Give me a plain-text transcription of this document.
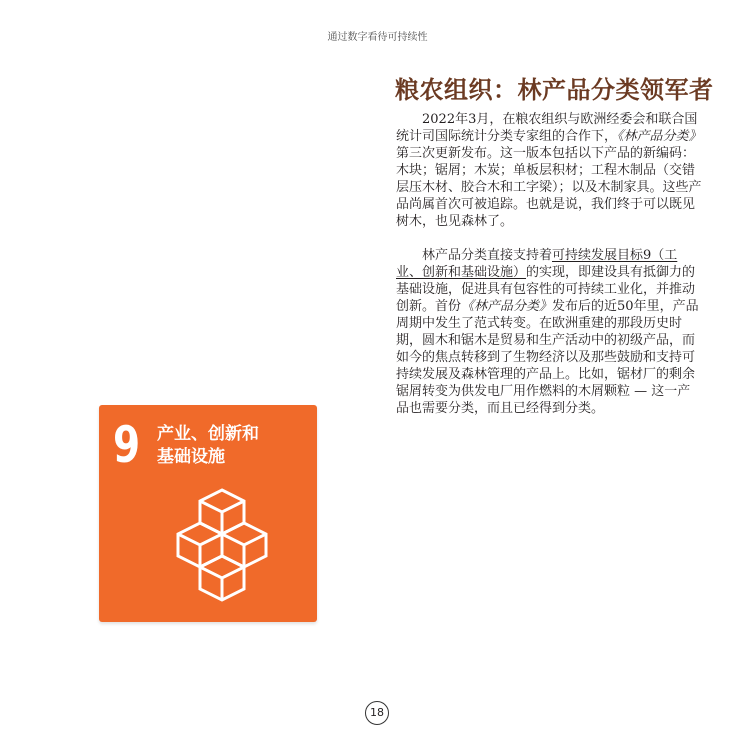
通过数字看待可持续性
粮农组织：林产品分类领军者

2022年3月，在粮农组织与欧洲经委会和联合国统计司国际统计分类专家组的合作下，《林产品分类》第三次更新发布。这一版本包括以下产品的新编码：木块；锯屑；木炭；单板层积材；工程木制品（交错层压木材、胶合木和工字梁）；以及木制家具。这些产品尚属首次可被追踪。也就是说，我们终于可以既见树木，也见森林了。

林产品分类直接支持着可持续发展目标9（工业、创新和基础设施）的实现，即建设具有抵御力的基础设施，促进具有包容性的可持续工业化，并推动创新。首份《林产品分类》发布后的近50年里，产品周期中发生了范式转变。在欧洲重建的那段历史时期，圆木和锯木是贸易和生产活动中的初级产品，而如今的焦点转移到了生物经济以及那些鼓励和支持可持续发展及森林管理的产品上。比如，锯材厂的剩余锯屑转变为供发电厂用作燃料的木屑颗粒 — 这一产品也需要分类，而且已经得到分类。

9 产业、创新和
基础设施
18
